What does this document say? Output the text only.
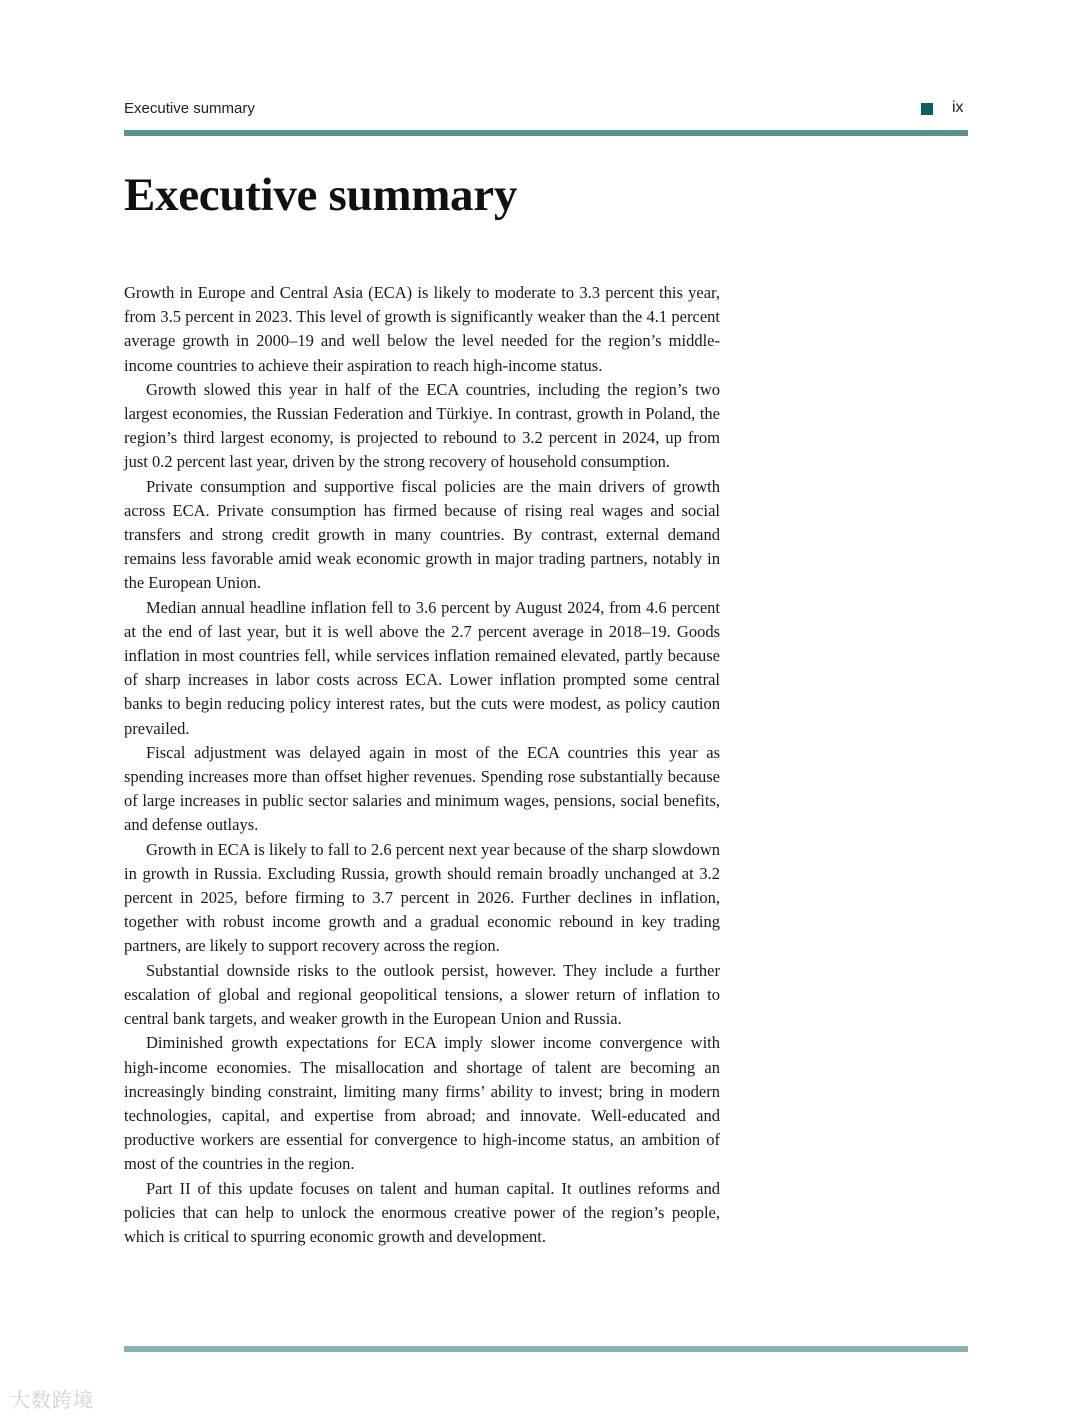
Executive summary	ix
Executive summary

Growth in Europe and Central Asia (ECA) is likely to moderate to 3.3 percent this year, from 3.5 percent in 2023. This level of growth is significantly weaker than the 4.1 percent average growth in 2000–19 and well below the level needed for the region’s middle-income countries to achieve their aspiration to reach high-income status.

Growth slowed this year in half of the ECA countries, including the region’s two largest economies, the Russian Federation and Türkiye. In contrast, growth in Poland, the region’s third largest economy, is projected to rebound to 3.2 percent in 2024, up from just 0.2 percent last year, driven by the strong recovery of household consumption.

Private consumption and supportive fiscal policies are the main drivers of growth across ECA. Private consumption has firmed because of rising real wages and social transfers and strong credit growth in many countries. By contrast, external demand remains less favorable amid weak economic growth in major trading partners, notably in the European Union.

Median annual headline inflation fell to 3.6 percent by August 2024, from 4.6 percent at the end of last year, but it is well above the 2.7 percent average in 2018–19. Goods inflation in most countries fell, while services inflation remained elevated, partly because of sharp increases in labor costs across ECA. Lower inflation prompted some central banks to begin reducing policy interest rates, but the cuts were modest, as policy caution prevailed.

Fiscal adjustment was delayed again in most of the ECA countries this year as spending increases more than offset higher revenues. Spending rose substantially because of large increases in public sector salaries and minimum wages, pensions, social benefits, and defense outlays.

Growth in ECA is likely to fall to 2.6 percent next year because of the sharp slowdown in growth in Russia. Excluding Russia, growth should remain broadly unchanged at 3.2 percent in 2025, before firming to 3.7 percent in 2026. Further declines in inflation, together with robust income growth and a gradual economic rebound in key trading partners, are likely to support recovery across the region.

Substantial downside risks to the outlook persist, however. They include a further escalation of global and regional geopolitical tensions, a slower return of inflation to central bank targets, and weaker growth in the European Union and Russia.

Diminished growth expectations for ECA imply slower income convergence with high-income economies. The misallocation and shortage of talent are becoming an increasingly binding constraint, limiting many firms’ ability to invest; bring in modern technologies, capital, and expertise from abroad; and innovate. Well-educated and productive workers are essential for convergence to high-income status, an ambition of most of the countries in the region.

Part II of this update focuses on talent and human capital. It outlines reforms and policies that can help to unlock the enormous creative power of the region’s people, which is critical to spurring economic growth and development.

大数跨境
